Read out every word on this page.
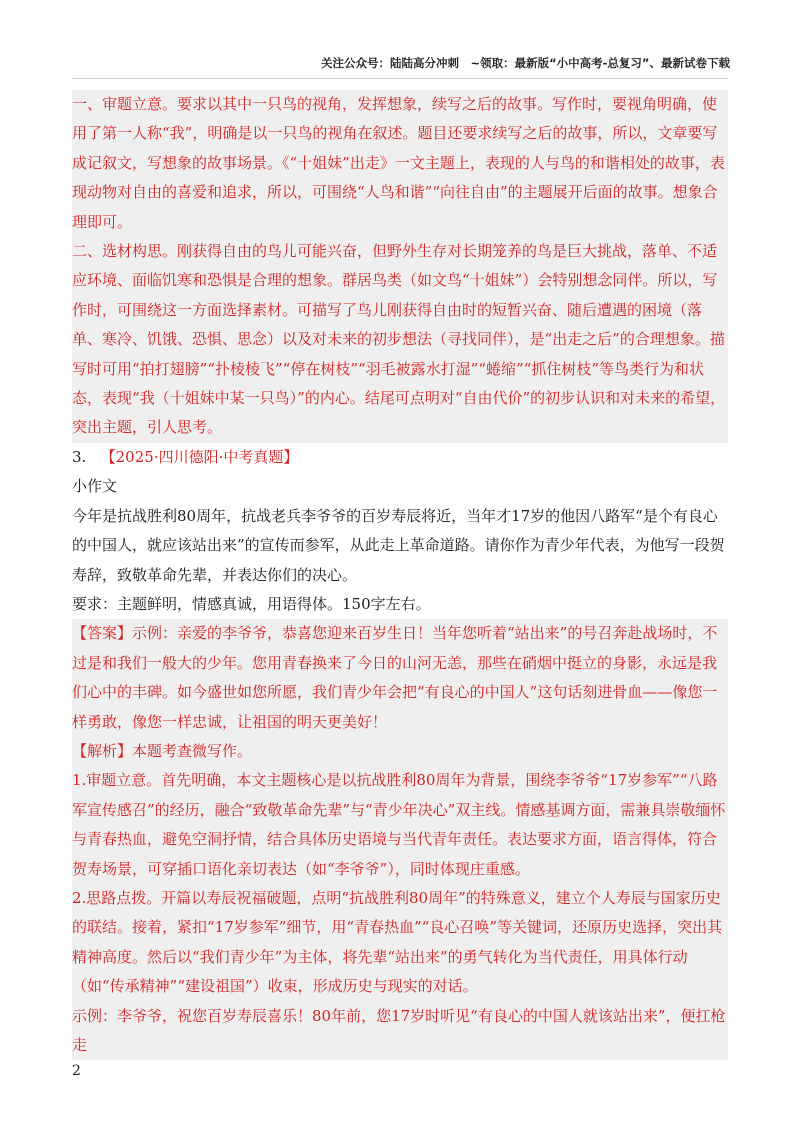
关注公众号：陆陆高分冲刺　~领取：最新版“小中高考-总复习”、最新试卷下载

一、审题立意。要求以其中一只鸟的视角，发挥想象，续写之后的故事。写作时，要视角明确，使用了第一人称“我”，明确是以一只鸟的视角在叙述。题目还要求续写之后的故事，所以，文章要写成记叙文，写想象的故事场景。《“十姐妹”出走》一文主题上，表现的人与鸟的和谐相处的故事，表现动物对自由的喜爱和追求，所以，可围绕“人鸟和谐”“向往自由”的主题展开后面的故事。想象合理即可。

二、选材构思。刚获得自由的鸟儿可能兴奋，但野外生存对长期笼养的鸟是巨大挑战，落单、不适应环境、面临饥寒和恐惧是合理的想象。群居鸟类（如文鸟“十姐妹”）会特别想念同伴。所以，写作时，可围绕这一方面选择素材。可描写了鸟儿刚获得自由时的短暂兴奋、随后遭遇的困境（落单、寒冷、饥饿、恐惧、思念）以及对未来的初步想法（寻找同伴），是“出走之后”的合理想象。描写时可用“拍打翅膀”“扑棱棱飞”“停在树枝”“羽毛被露水打湿”“蜷缩”“抓住树枝”等鸟类行为和状态，表现“我（十姐妹中某一只鸟）”的内心。结尾可点明对“自由代价”的初步认识和对未来的希望，突出主题，引人思考。

3. 【2025·四川德阳·中考真题】

小作文

今年是抗战胜利80周年，抗战老兵李爷爷的百岁寿辰将近，当年才17岁的他因八路军“是个有良心的中国人，就应该站出来”的宣传而参军，从此走上革命道路。请你作为青少年代表，为他写一段贺寿辞，致敬革命先辈，并表达你们的决心。

要求：主题鲜明，情感真诚，用语得体。150字左右。

【答案】示例：亲爱的李爷爷，恭喜您迎来百岁生日！当年您听着“站出来”的号召奔赴战场时，不过是和我们一般大的少年。您用青春换来了今日的山河无恙，那些在硝烟中挺立的身影，永远是我们心中的丰碑。如今盛世如您所愿，我们青少年会把“有良心的中国人”这句话刻进骨血——像您一样勇敢，像您一样忠诚，让祖国的明天更美好！

【解析】本题考查微写作。

1.审题立意。首先明确，本文主题核心是以抗战胜利80周年为背景，围绕李爷爷“17岁参军”“八路军宣传感召”的经历，融合“致敬革命先辈”与“青少年决心”双主线。情感基调方面，需兼具崇敬缅怀与青春热血，避免空洞抒情，结合具体历史语境与当代青年责任。表达要求方面，语言得体，符合贺寿场景，可穿插口语化亲切表达（如“李爷爷”），同时体现庄重感。

2.思路点拨。开篇以寿辰祝福破题，点明“抗战胜利80周年”的特殊意义，建立个人寿辰与国家历史的联结。接着，紧扣“17岁参军”细节，用“青春热血”“良心召唤”等关键词，还原历史选择，突出其精神高度。然后以“我们青少年”为主体，将先辈“站出来”的勇气转化为当代责任，用具体行动（如“传承精神”“建设祖国”）收束，形成历史与现实的对话。

示例：李爷爷，祝您百岁寿辰喜乐！80年前，您17岁时听见“有良心的中国人就该站出来”，便扛枪走

2
